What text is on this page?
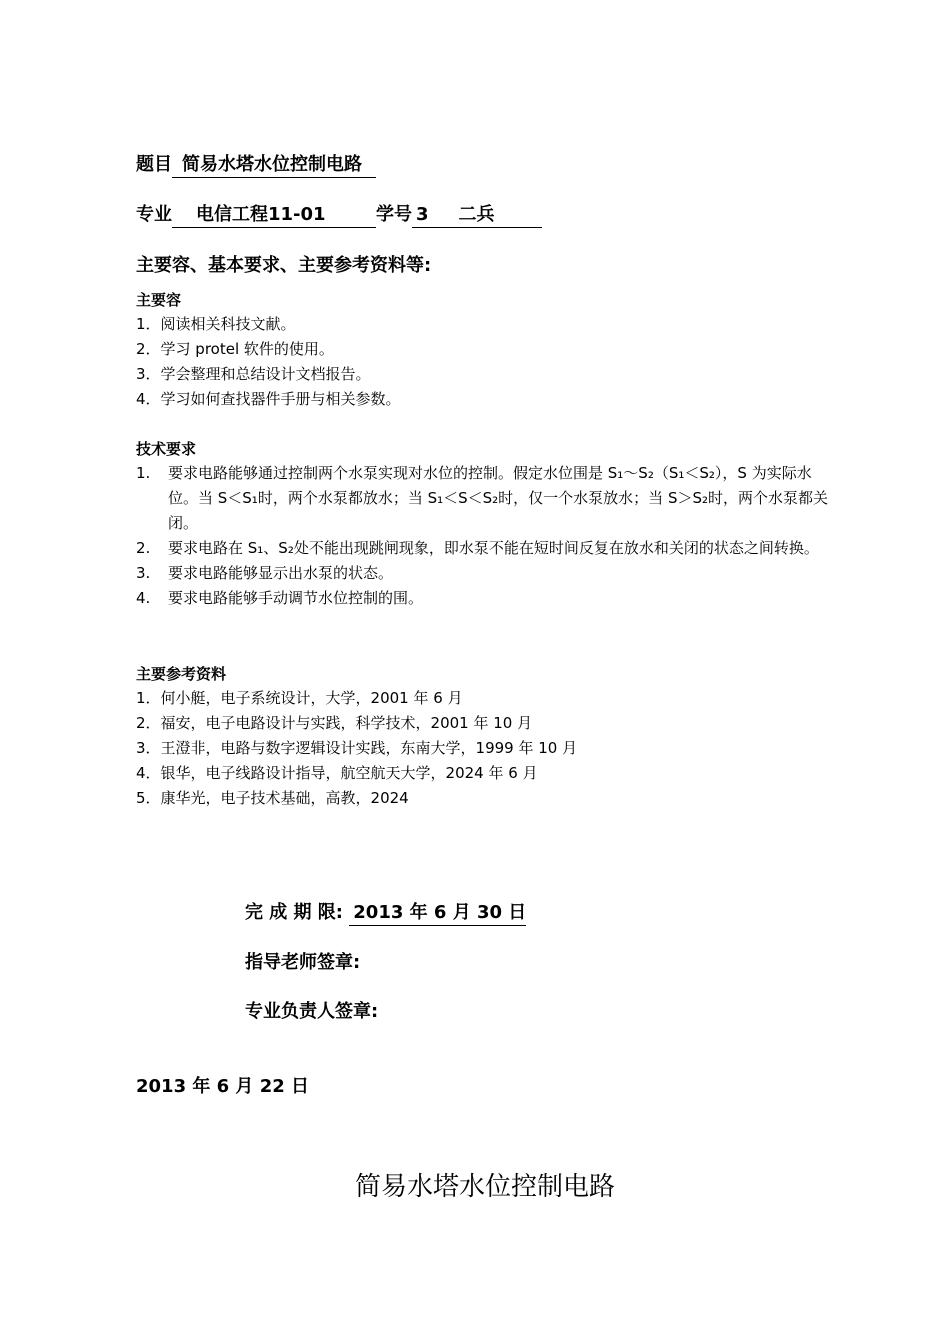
题目 简易水塔水位控制电路
专业 电信工程11-01	学号 3 二兵
主要容、基本要求、主要参考资料等:
主要容
1．阅读相关科技文献。
2．学习 protel 软件的使用。
3．学会整理和总结设计文档报告。
4．学习如何查找器件手册与相关参数。
技术要求
1.	要求电路能够通过控制两个水泵实现对水位的控制。假定水位围是 S₁～S₂（S₁＜S₂），S 为实际水位。当 S＜S₁时，两个水泵都放水；当 S₁＜S＜S₂时，仅一个水泵放水；当 S＞S₂时，两个水泵都关闭。
2.	要求电路在 S₁、S₂处不能出现跳闸现象，即水泵不能在短时间反复在放水和关闭的状态之间转换。
3.	要求电路能够显示出水泵的状态。
4.	要求电路能够手动调节水位控制的围。
主要参考资料
1．何小艇，电子系统设计，大学，2001 年 6 月
2．福安，电子电路设计与实践，科学技术，2001 年 10 月
3．王澄非，电路与数字逻辑设计实践，东南大学，1999 年 10 月
4．银华，电子线路设计指导，航空航天大学，2024 年 6 月
5．康华光，电子技术基础，高教，2024
完 成 期 限: 2013 年 6 月 30 日
指导老师签章:
专业负责人签章:
2013 年 6 月 22 日
简易水塔水位控制电路
